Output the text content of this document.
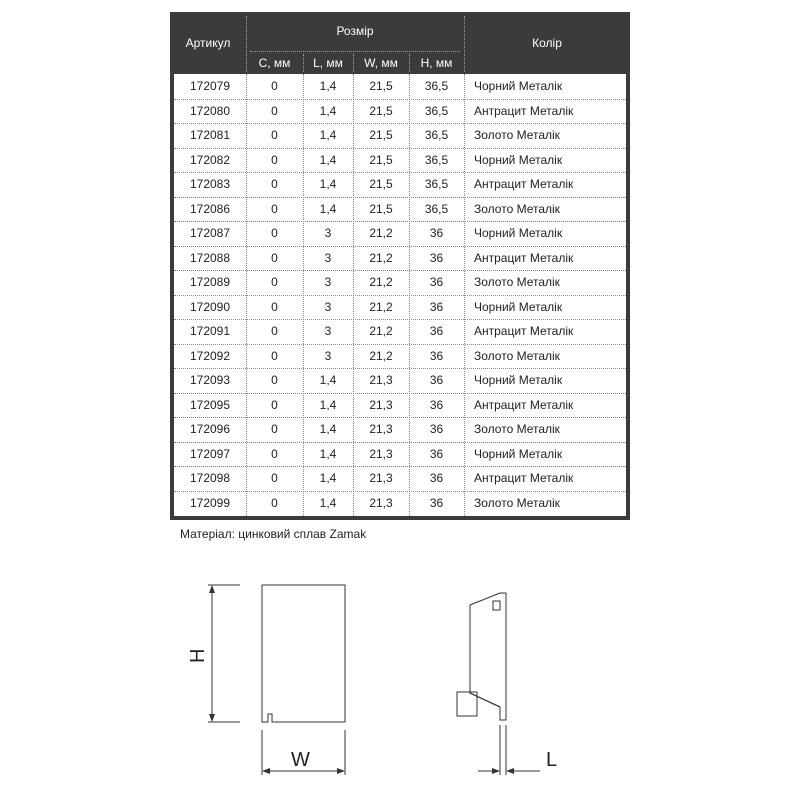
Артикул
Розмір
C, мм	L, мм	W, мм	H, мм
Колір
172079	0	1,4	21,5	36,5	Чорний Металік
172080	0	1,4	21,5	36,5	Антрацит Металік
172081	0	1,4	21,5	36,5	Золото Металік
172082	0	1,4	21,5	36,5	Чорний Металік
172083	0	1,4	21,5	36,5	Антрацит Металік
172086	0	1,4	21,5	36,5	Золото Металік
172087	0	3	21,2	36	Чорний Металік
172088	0	3	21,2	36	Антрацит Металік
172089	0	3	21,2	36	Золото Металік
172090	0	3	21,2	36	Чорний Металік
172091	0	3	21,2	36	Антрацит Металік
172092	0	3	21,2	36	Золото Металік
172093	0	1,4	21,3	36	Чорний Металік
172095	0	1,4	21,3	36	Антрацит Металік
172096	0	1,4	21,3	36	Золото Металік
172097	0	1,4	21,3	36	Чорний Металік
172098	0	1,4	21,3	36	Антрацит Металік
172099	0	1,4	21,3	36	Золото Металік
Матеріал: цинковий сплав Zamak
H
W	L
